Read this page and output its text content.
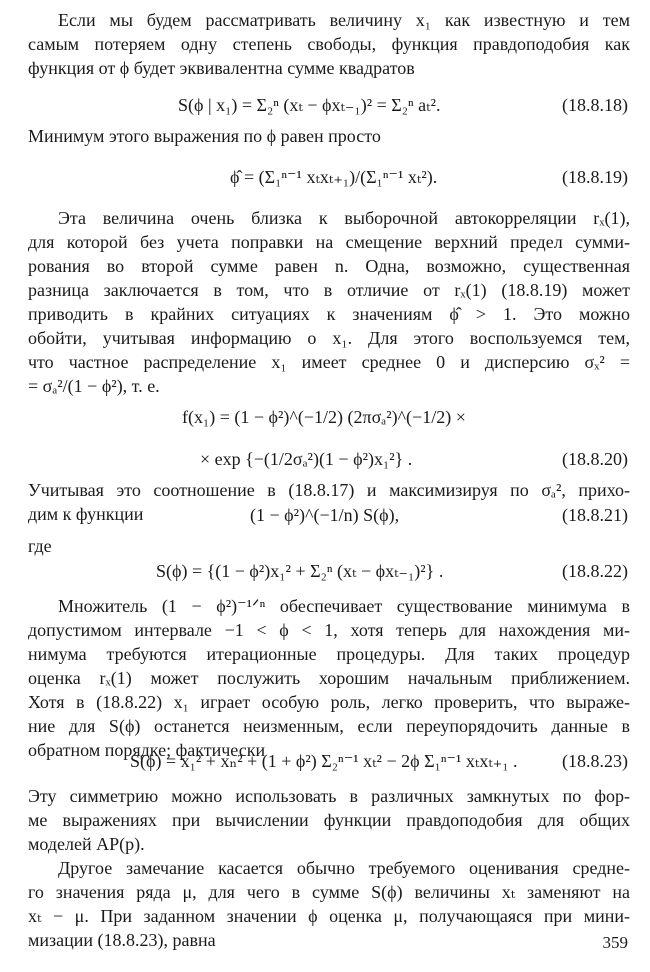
Если мы будем рассматривать величину x₁ как известную и тем
самым потеряем одну степень свободы, функция правдоподобия как
функция от ϕ будет эквивалентна сумме квадратов
S(ϕ | x₁) = Σ₂ⁿ (xₜ − ϕxₜ₋₁)² = Σ₂ⁿ aₜ².	(18.8.18)
Минимум этого выражения по ϕ равен просто
ϕ̂ = (Σ₁ⁿ⁻¹ xₜxₜ₊₁)/(Σ₁ⁿ⁻¹ xₜ²).	(18.8.19)
Эта величина очень близка к выборочной автокорреляции rₓ(1),
для которой без учета поправки на смещение верхний предел сумми-
рования во второй сумме равен n. Одна, возможно, существенная
разница заключается в том, что в отличие от rₓ(1) (18.8.19) может
приводить в крайних ситуациях к значениям ϕ̂ > 1. Это можно
обойти, учитывая информацию о x₁. Для этого воспользуемся тем,
что частное распределение x₁ имеет среднее 0 и дисперсию σₓ² =
= σₐ²/(1 − ϕ²), т. е.
f(x₁) = (1 − ϕ²)^(−1/2) (2πσₐ²)^(−1/2) ×
× exp {−(1/2σₐ²)(1 − ϕ²)x₁²} .	(18.8.20)
Учитывая это соотношение в (18.8.17) и максимизируя по σₐ², прихо-
дим к функции	(1 − ϕ²)^(−1/n) S(ϕ),	(18.8.21)
где
S(ϕ) = {(1 − ϕ²)x₁² + Σ₂ⁿ (xₜ − ϕxₜ₋₁)²} .	(18.8.22)
Множитель (1 − ϕ²)⁻¹ᐟⁿ обеспечивает существование минимума в
допустимом интервале −1 < ϕ < 1, хотя теперь для нахождения ми-
нимума требуются итерационные процедуры. Для таких процедур
оценка rₓ(1) может послужить хорошим начальным приближением.
Хотя в (18.8.22) x₁ играет особую роль, легко проверить, что выраже-
ние для S(ϕ) останется неизменным, если переупорядочить данные в
обратном порядке; фактически
S(ϕ) = x₁² + xₙ² + (1 + ϕ²) Σ₂ⁿ⁻¹ xₜ² − 2ϕ Σ₁ⁿ⁻¹ xₜxₜ₊₁ . (18.8.23)
Эту симметрию можно использовать в различных замкнутых по фор-
ме выражениях при вычислении функции правдоподобия для общих
моделей AP(p).
Другое замечание касается обычно требуемого оценивания средне-
го значения ряда μ, для чего в сумме S(ϕ) величины xₜ заменяют на
xₜ − μ. При заданном значении ϕ оценка μ, получающаяся при мини-
мизации (18.8.23), равна	359
